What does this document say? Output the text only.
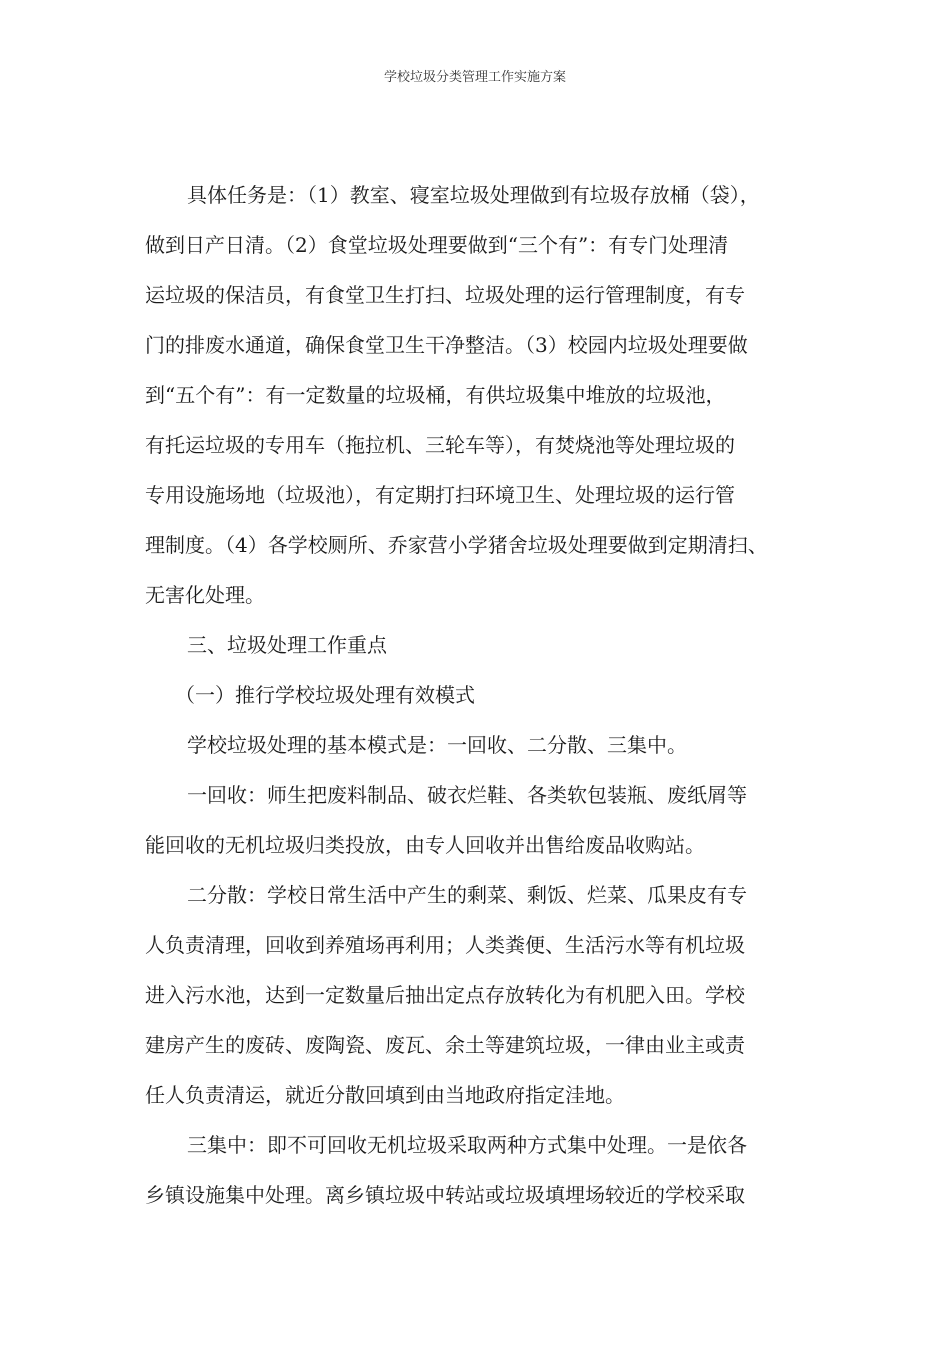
学校垃圾分类管理工作实施方案
具体任务是：（1）教室、寝室垃圾处理做到有垃圾存放桶（袋），
做到日产日清。（2）食堂垃圾处理要做到“三个有”：有专门处理清
运垃圾的保洁员，有食堂卫生打扫、垃圾处理的运行管理制度，有专
门的排废水通道，确保食堂卫生干净整洁。（3）校园内垃圾处理要做
到“五个有”：有一定数量的垃圾桶，有供垃圾集中堆放的垃圾池，
有托运垃圾的专用车（拖拉机、三轮车等），有焚烧池等处理垃圾的
专用设施场地（垃圾池），有定期打扫环境卫生、处理垃圾的运行管
理制度。（4）各学校厕所、乔家营小学猪舍垃圾处理要做到定期清扫、
无害化处理。
三、垃圾处理工作重点
（一）推行学校垃圾处理有效模式
学校垃圾处理的基本模式是：一回收、二分散、三集中。
一回收：师生把废料制品、破衣烂鞋、各类软包装瓶、废纸屑等
能回收的无机垃圾归类投放，由专人回收并出售给废品收购站。
二分散：学校日常生活中产生的剩菜、剩饭、烂菜、瓜果皮有专
人负责清理，回收到养殖场再利用；人类粪便、生活污水等有机垃圾
进入污水池，达到一定数量后抽出定点存放转化为有机肥入田。学校
建房产生的废砖、废陶瓷、废瓦、余土等建筑垃圾，一律由业主或责
任人负责清运，就近分散回填到由当地政府指定洼地。
三集中：即不可回收无机垃圾采取两种方式集中处理。一是依各
乡镇设施集中处理。离乡镇垃圾中转站或垃圾填埋场较近的学校采取
